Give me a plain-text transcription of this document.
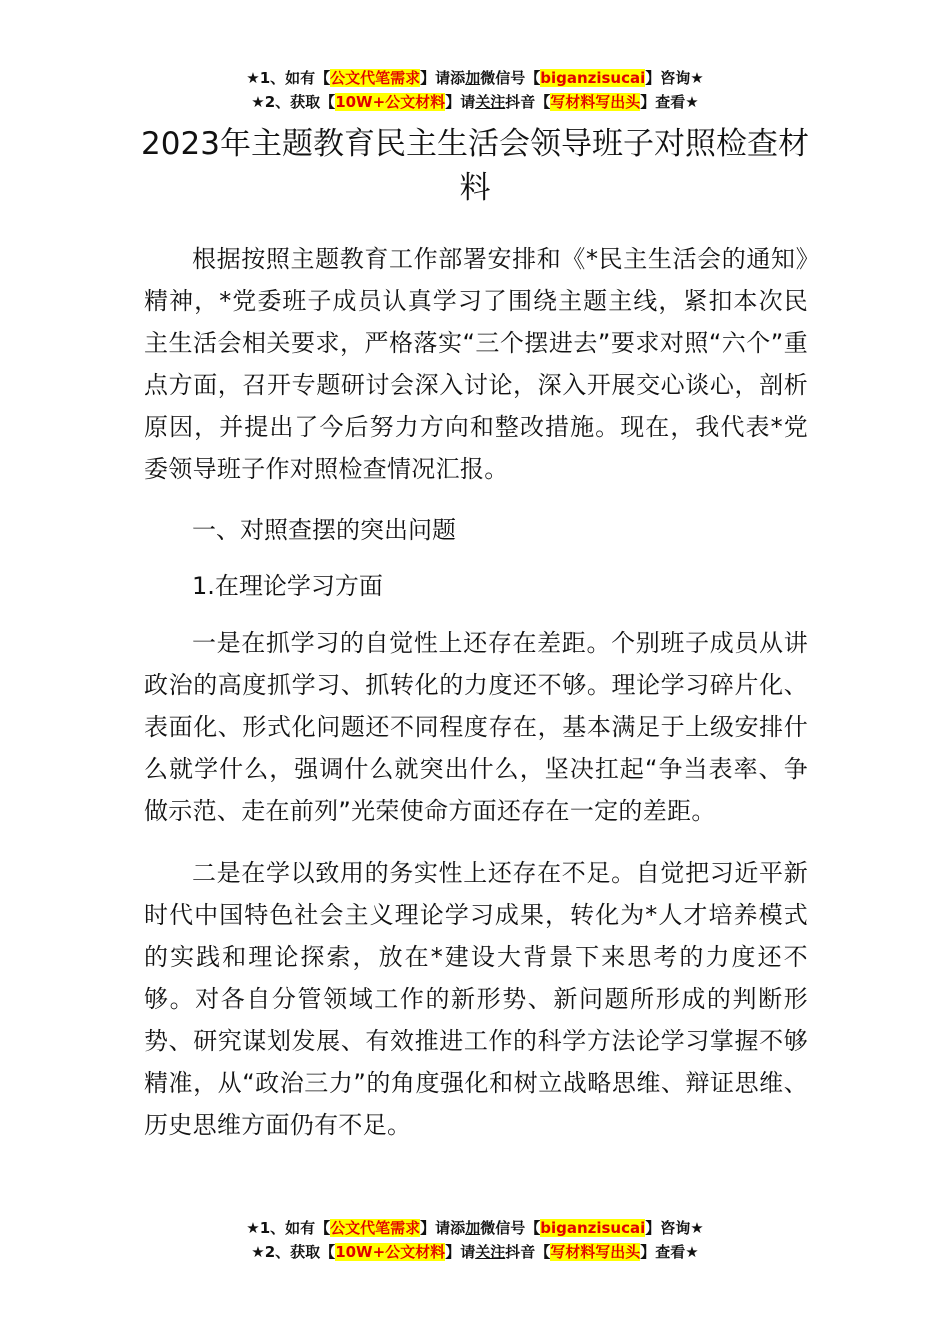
★1、如有【公文代笔需求】请添加微信号【biganzisucai】咨询★
★2、获取【10W+公文材料】请关注抖音【写材料写出头】查看★
2023年主题教育民主生活会领导班子对照检查材料

根据按照主题教育工作部署安排和《*民主生活会的通知》精神，*党委班子成员认真学习了围绕主题主线，紧扣本次民主生活会相关要求，严格落实“三个摆进去”要求对照“六个”重点方面，召开专题研讨会深入讨论，深入开展交心谈心，剖析原因，并提出了今后努力方向和整改措施。现在，我代表*党委领导班子作对照检查情况汇报。

一、对照查摆的突出问题
1.在理论学习方面

一是在抓学习的自觉性上还存在差距。个别班子成员从讲政治的高度抓学习、抓转化的力度还不够。理论学习碎片化、表面化、形式化问题还不同程度存在，基本满足于上级安排什么就学什么，强调什么就突出什么，坚决扛起“争当表率、争做示范、走在前列”光荣使命方面还存在一定的差距。

二是在学以致用的务实性上还存在不足。自觉把习近平新时代中国特色社会主义理论学习成果，转化为*人才培养模式的实践和理论探索，放在*建设大背景下来思考的力度还不够。对各自分管领域工作的新形势、新问题所形成的判断形势、研究谋划发展、有效推进工作的科学方法论学习掌握不够精准，从“政治三力”的角度强化和树立战略思维、辩证思维、历史思维方面仍有不足。

★1、如有【公文代笔需求】请添加微信号【biganzisucai】咨询★
★2、获取【10W+公文材料】请关注抖音【写材料写出头】查看★
